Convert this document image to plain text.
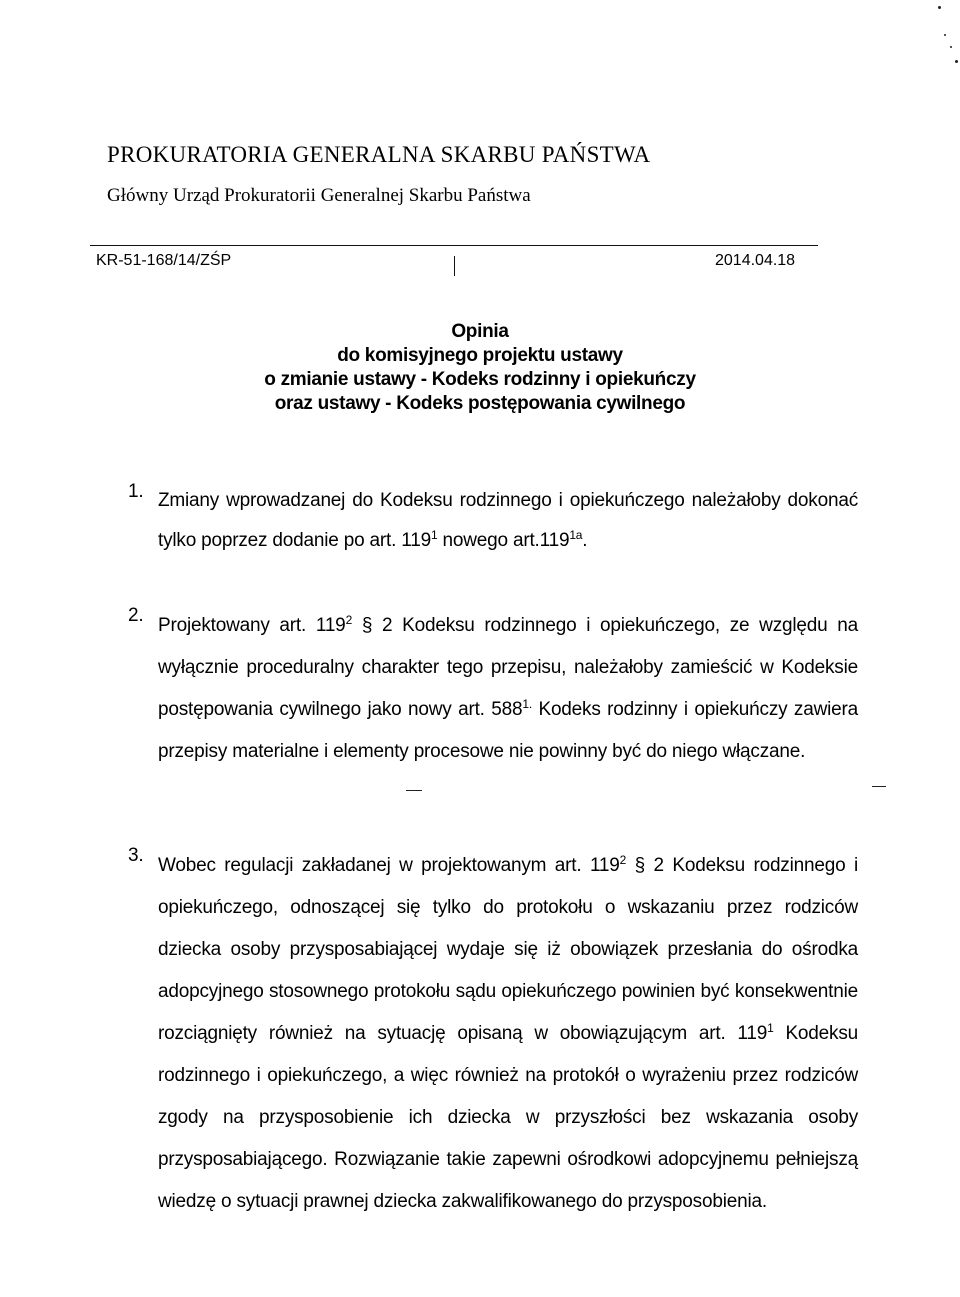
PROKURATORIA GENERALNA SKARBU PAŃSTWA
Główny Urząd Prokuratorii Generalnej Skarbu Państwa
KR-51-168/14/ZŚP	2014.04.18
Opinia
do komisyjnego projektu ustawy
o zmianie ustawy - Kodeks rodzinny i opiekuńczy
oraz ustawy - Kodeks postępowania cywilnego
1. Zmiany wprowadzanej do Kodeksu rodzinnego i opiekuńczego należałoby dokonać tylko poprzez dodanie po art. $119^1$ nowego $art.119^{1a}$.
2. Projektowany art. $119^2$ § 2 Kodeksu rodzinnego i opiekuńczego, ze względu na wyłącznie proceduralny charakter tego przepisu, należałoby zamieścić w Kodeksie postępowania cywilnego jako nowy art. $588^{1.}$ Kodeks rodzinny i opiekuńczy zawiera przepisy materialne i elementy procesowe nie powinny być do niego włączane.
3. Wobec regulacji zakładanej w projektowanym art. $119^2$ § 2 Kodeksu rodzinnego i opiekuńczego, odnoszącej się tylko do protokołu o wskazaniu przez rodziców dziecka osoby przysposabiającej wydaje się iż obowiązek przesłania do ośrodka adopcyjnego stosownego protokołu sądu opiekuńczego powinien być konsekwentnie rozciągnięty również na sytuację opisaną w obowiązującym art. $119^1$ Kodeksu rodzinnego i opiekuńczego, a więc również na protokół o wyrażeniu przez rodziców zgody na przysposobienie ich dziecka w przyszłości bez wskazania osoby przysposabiającego. Rozwiązanie takie zapewni ośrodkowi adopcyjnemu pełniejszą wiedzę o sytuacji prawnej dziecka zakwalifikowanego do przysposobienia.
